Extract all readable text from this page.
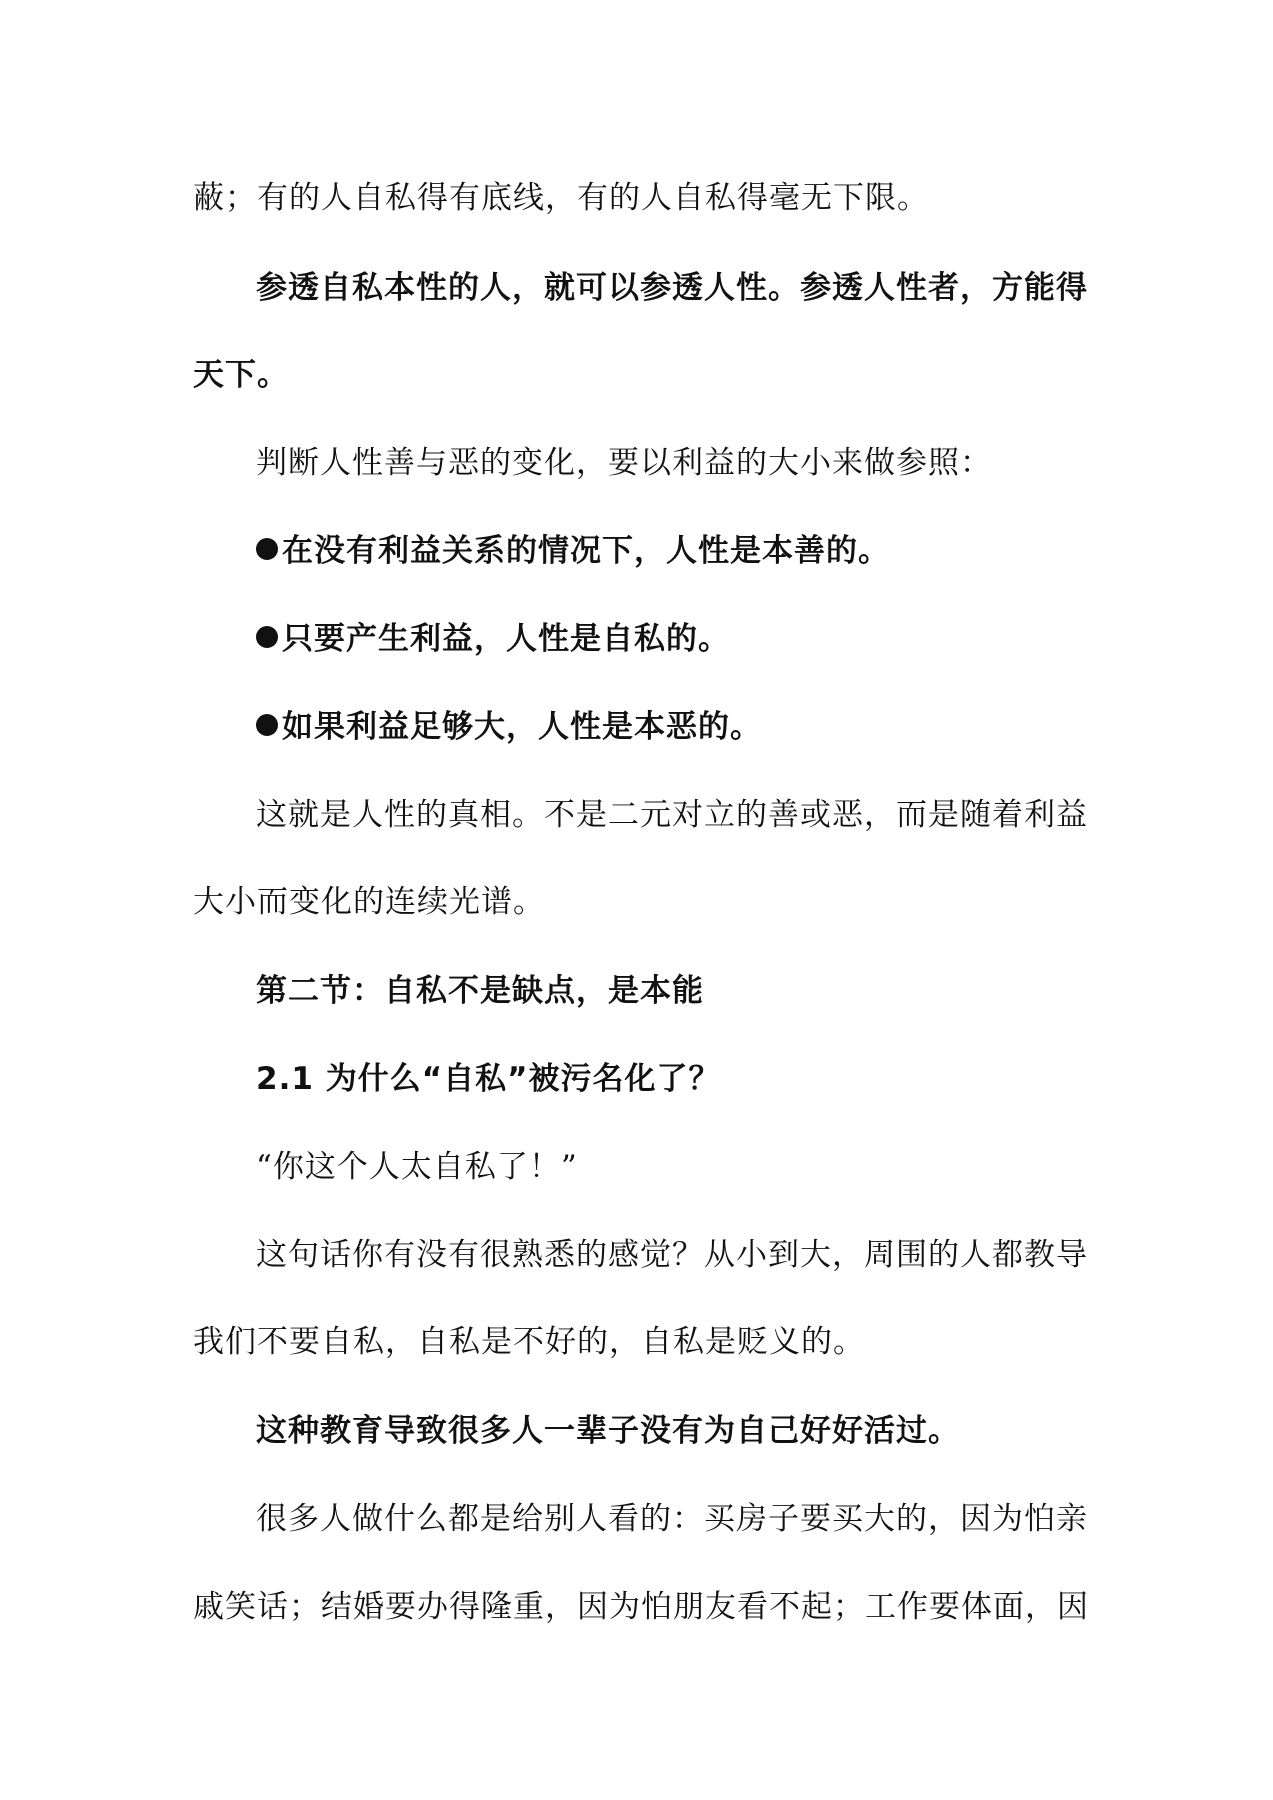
蔽；有的人自私得有底线，有的人自私得毫无下限。
参透自私本性的人，就可以参透人性。参透人性者，方能得
天下。
判断人性善与恶的变化，要以利益的大小来做参照：
在没有利益关系的情况下，人性是本善的。
只要产生利益，人性是自私的。
如果利益足够大，人性是本恶的。
这就是人性的真相。不是二元对立的善或恶，而是随着利益
大小而变化的连续光谱。
第二节：自私不是缺点，是本能
2.1 为什么“自私”被污名化了？
“你这个人太自私了！”
这句话你有没有很熟悉的感觉？从小到大，周围的人都教导
我们不要自私，自私是不好的，自私是贬义的。
这种教育导致很多人一辈子没有为自己好好活过。
很多人做什么都是给别人看的：买房子要买大的，因为怕亲
戚笑话；结婚要办得隆重，因为怕朋友看不起；工作要体面，因
